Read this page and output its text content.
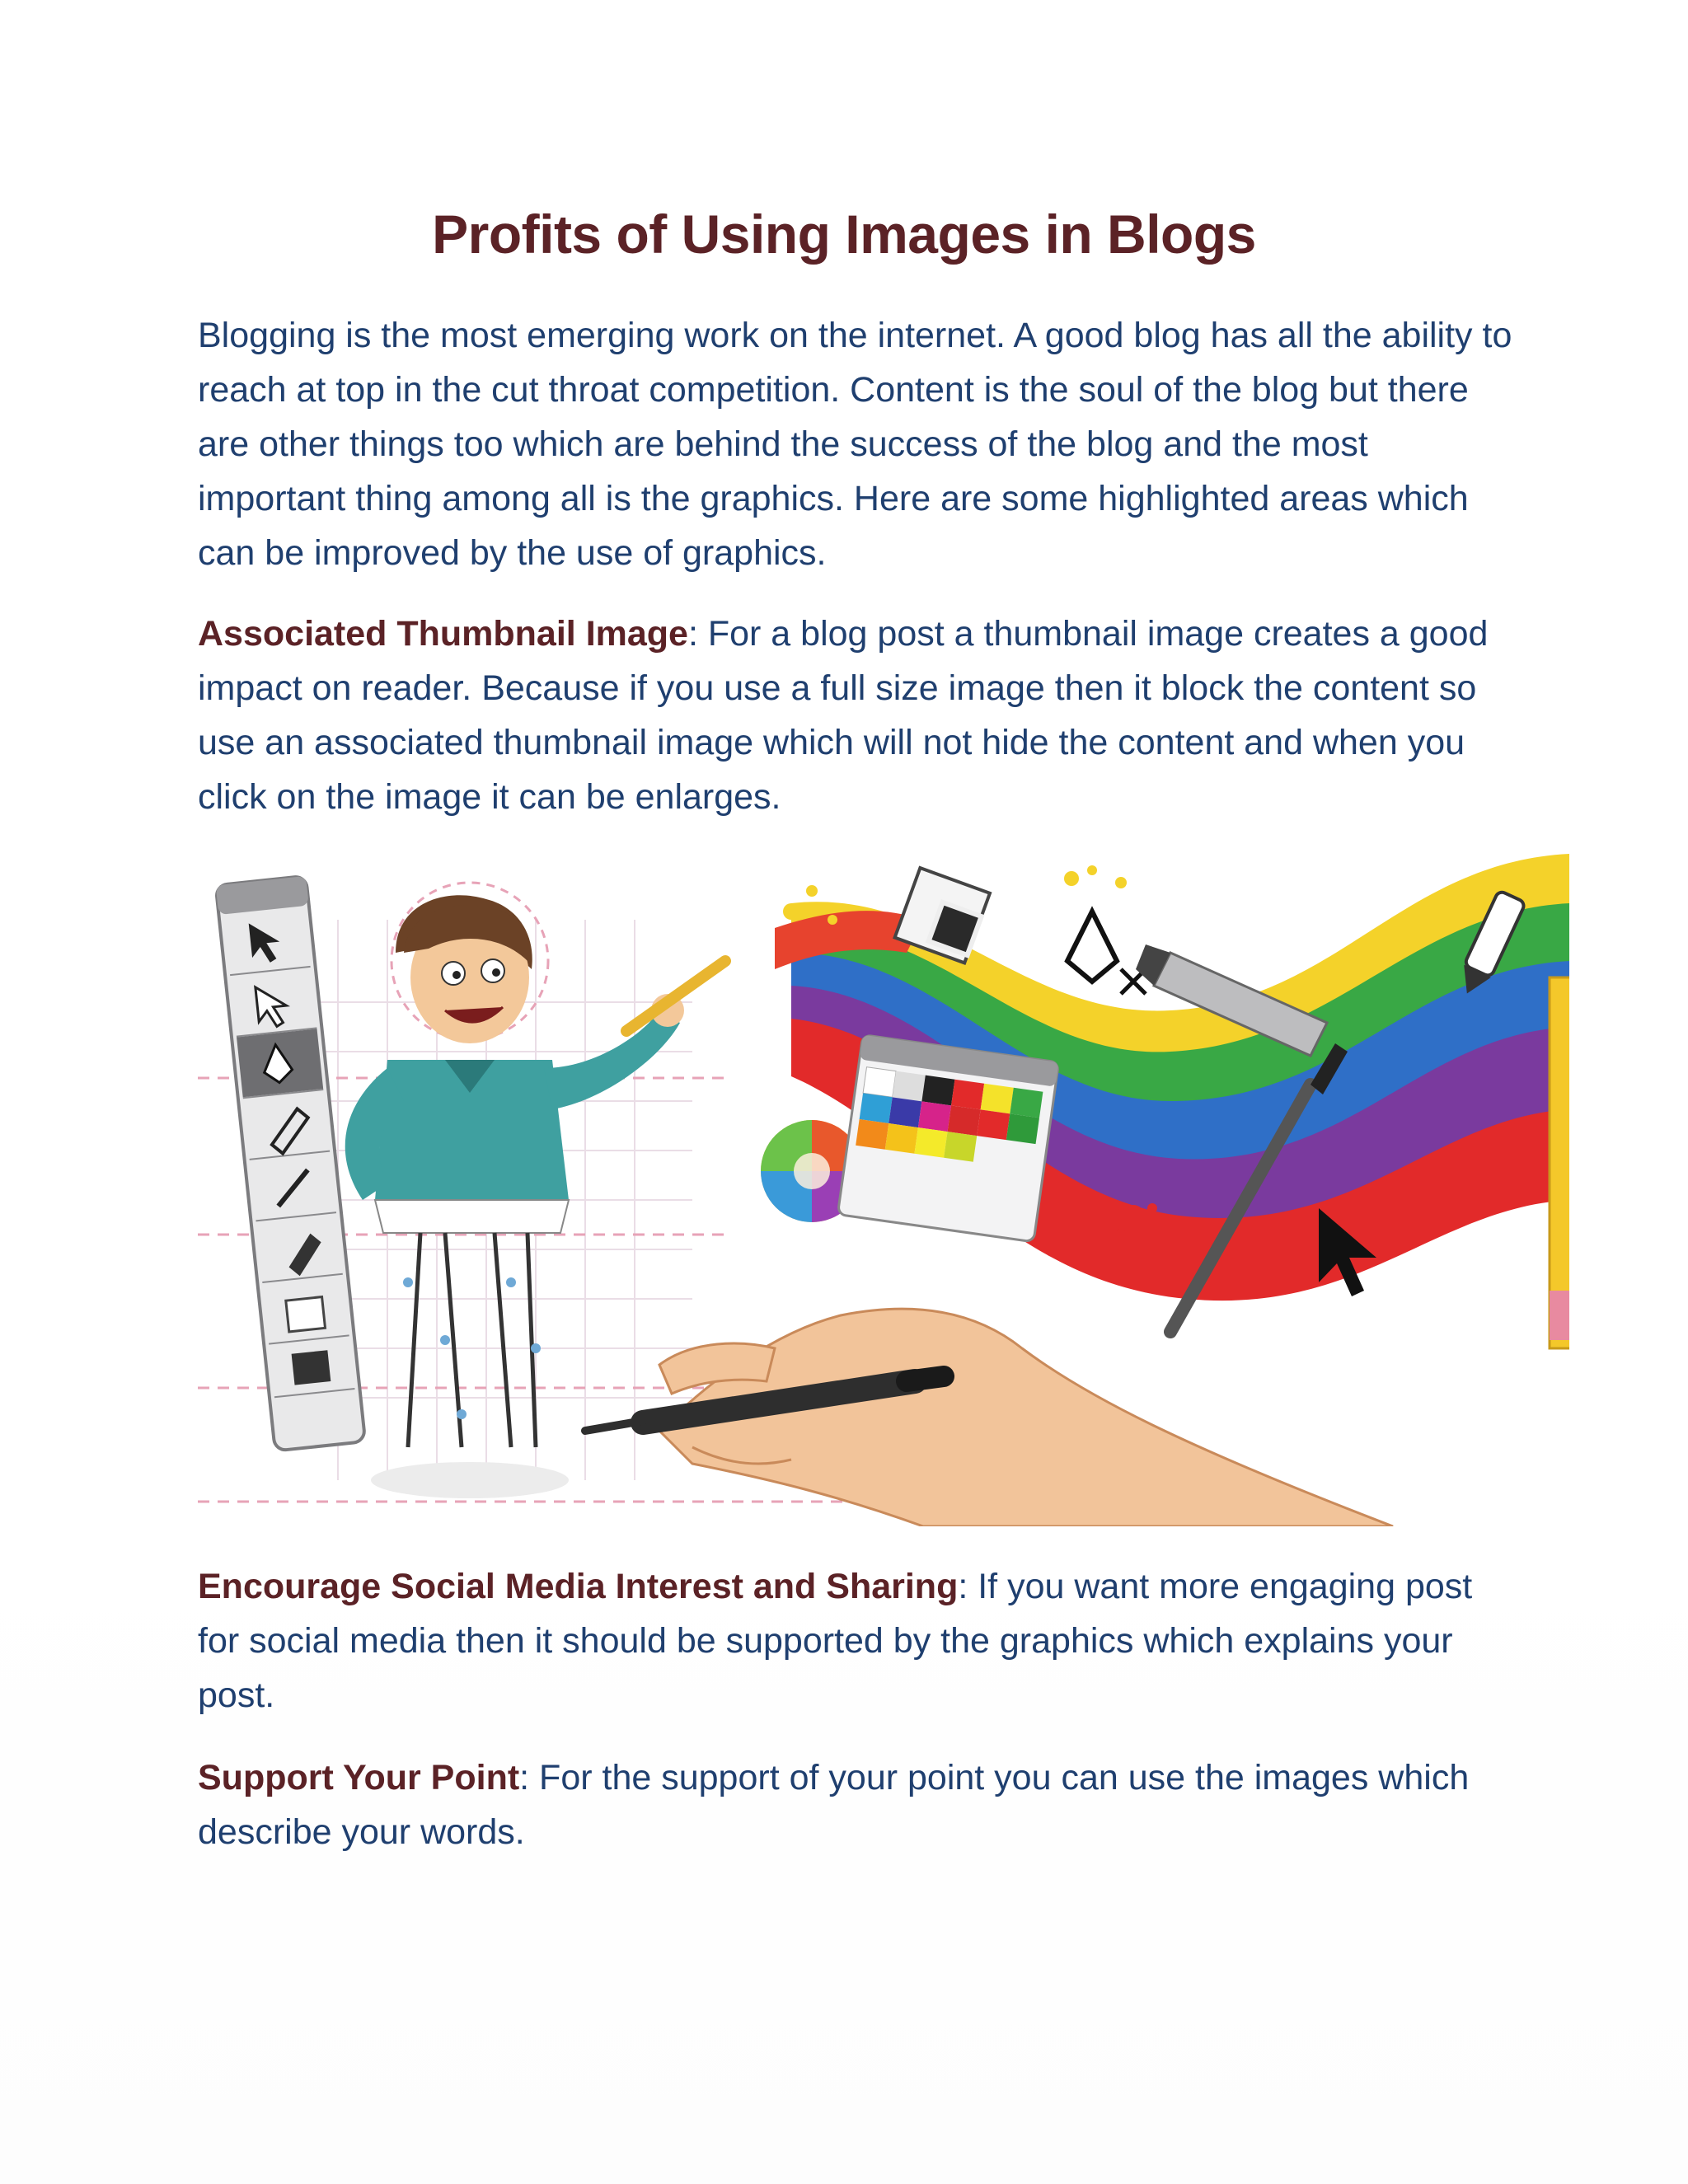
Profits of Using Images in Blogs
Blogging is the most emerging work on the internet. A good blog has all the ability to reach at top in the cut throat competition. Content is the soul of the blog but there are other things too which are behind the success of the blog and the most important thing among all is the graphics. Here are some highlighted areas which can be improved by the use of graphics.
Associated Thumbnail Image: For a blog post a thumbnail image creates a good impact on reader. Because if you use a full size image then it block the content so use an associated thumbnail image which will not hide the content and when you click on the image it can be enlarges.
Encourage Social Media Interest and Sharing: If you want more engaging post for social media then it should be supported by the graphics which explains your post.
Support Your Point: For the support of your point you can use the images which describe your words.
